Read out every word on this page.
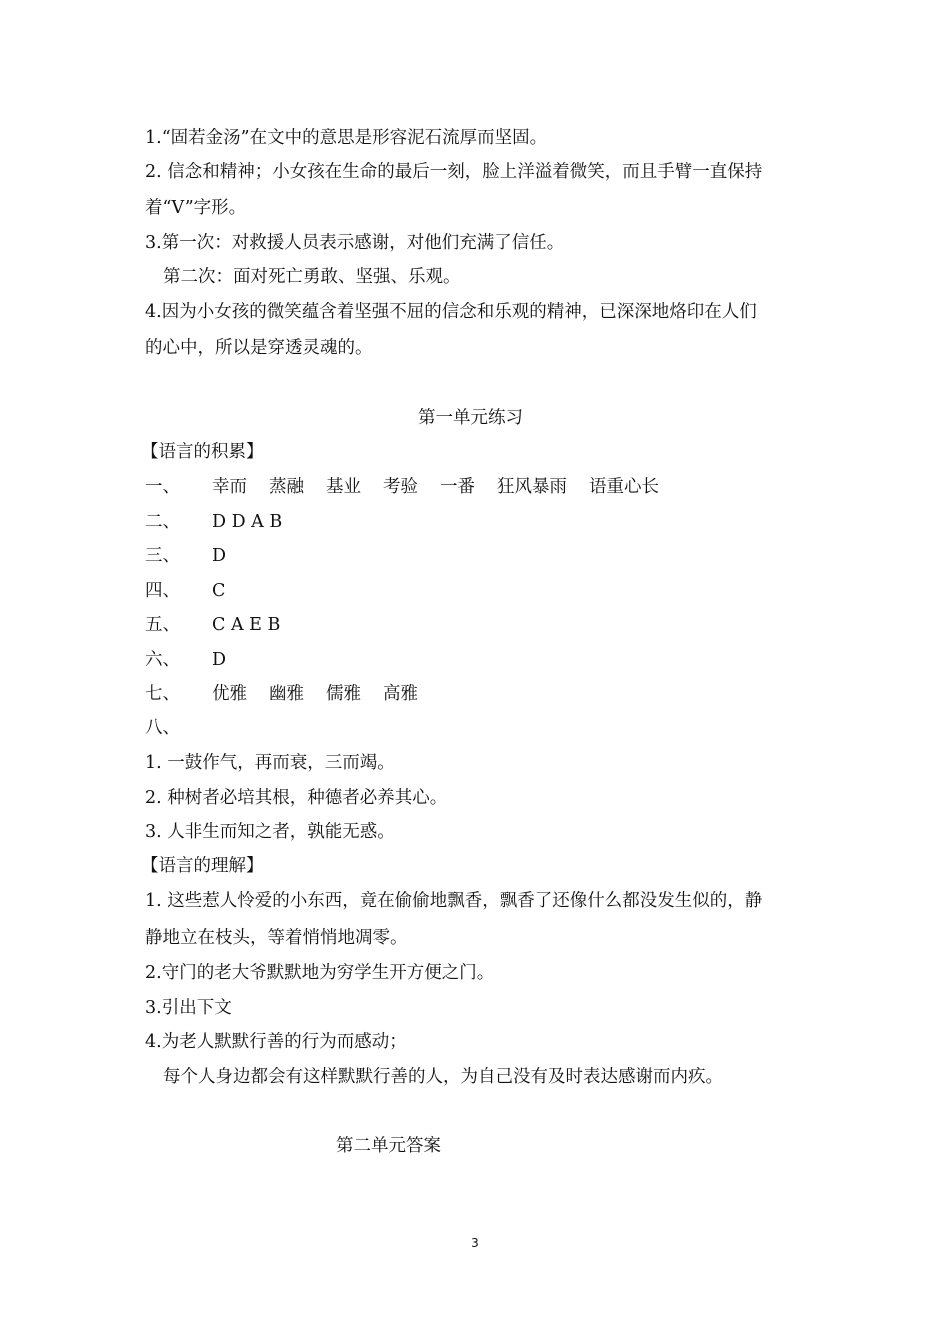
1.“固若金汤”在文中的意思是形容泥石流厚而坚固。
2. 信念和精神；小女孩在生命的最后一刻，脸上洋溢着微笑，而且手臂一直保持
着“V”字形。
3.第一次：对救援人员表示感谢，对他们充满了信任。
第二次：面对死亡勇敢、坚强、乐观。
4.因为小女孩的微笑蕴含着坚强不屈的信念和乐观的精神，已深深地烙印在人们
的心中，所以是穿透灵魂的。
第一单元练习
【语言的积累】
一、 幸而 蒸融 基业 考验 一番 狂风暴雨 语重心长
二、 D D A B
三、 D
四、 C
五、 C A E B
六、 D
七、 优雅 幽雅 儒雅 高雅
八、
1. 一鼓作气，再而衰，三而竭。
2. 种树者必培其根，种德者必养其心。
3. 人非生而知之者，孰能无惑。
【语言的理解】
1. 这些惹人怜爱的小东西，竟在偷偷地飘香，飘香了还像什么都没发生似的，静
静地立在枝头，等着悄悄地凋零。
2.守门的老大爷默默地为穷学生开方便之门。
3.引出下文
4.为老人默默行善的行为而感动；
每个人身边都会有这样默默行善的人，为自己没有及时表达感谢而内疚。
第二单元答案
3
